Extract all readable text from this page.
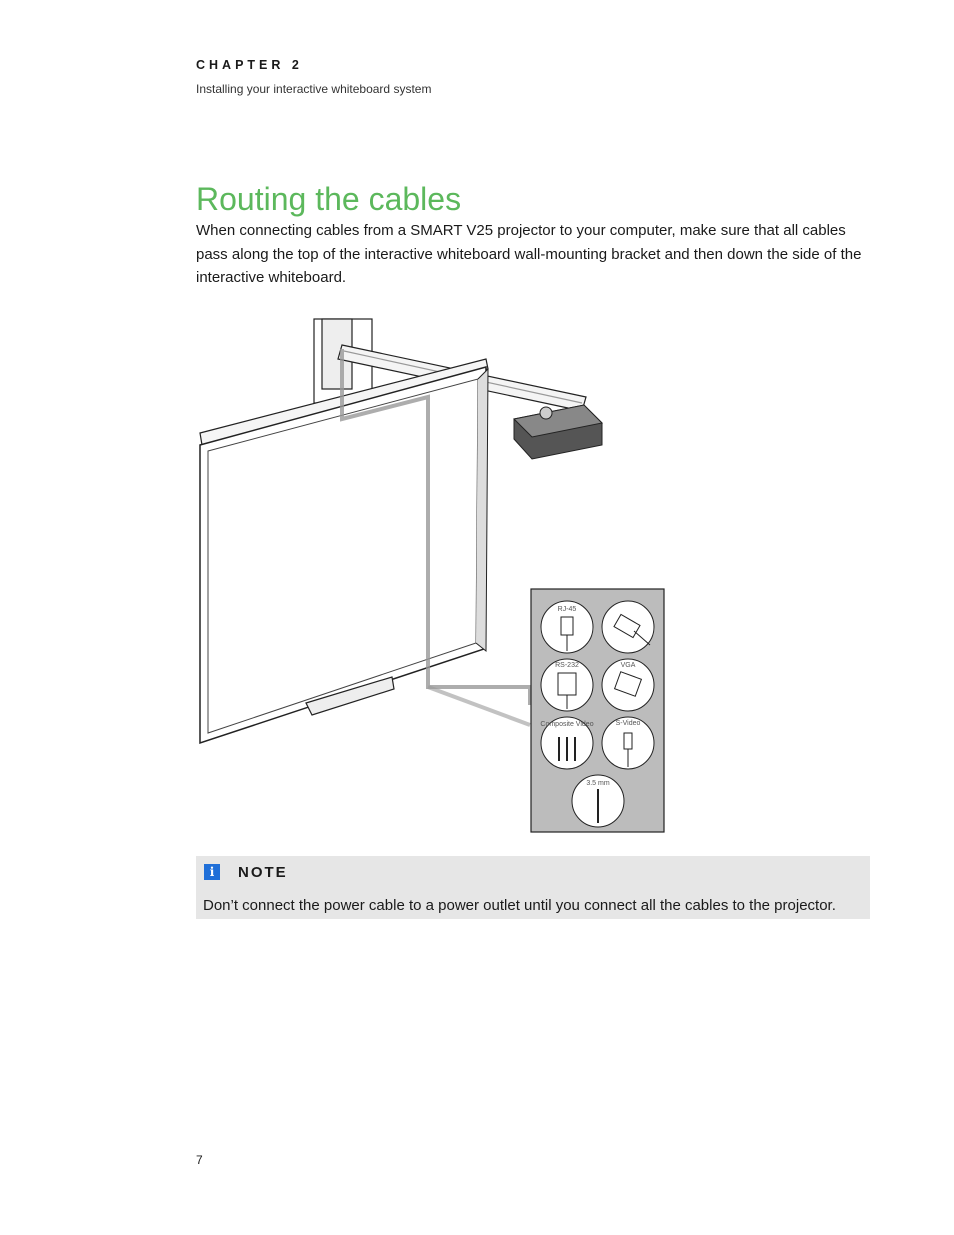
CHAPTER 2
Installing your interactive whiteboard system
Routing the cables

When connecting cables from a SMART V25 projector to your computer, make sure that all cables pass along the top of the interactive whiteboard wall-mounting bracket and then down the side of the interactive whiteboard.

RJ-45
RS-232	VGA
Composite Video	S-Video
3.5 mm
i	NOTE

Don’t connect the power cable to a power outlet until you connect all the cables to the projector.

7
